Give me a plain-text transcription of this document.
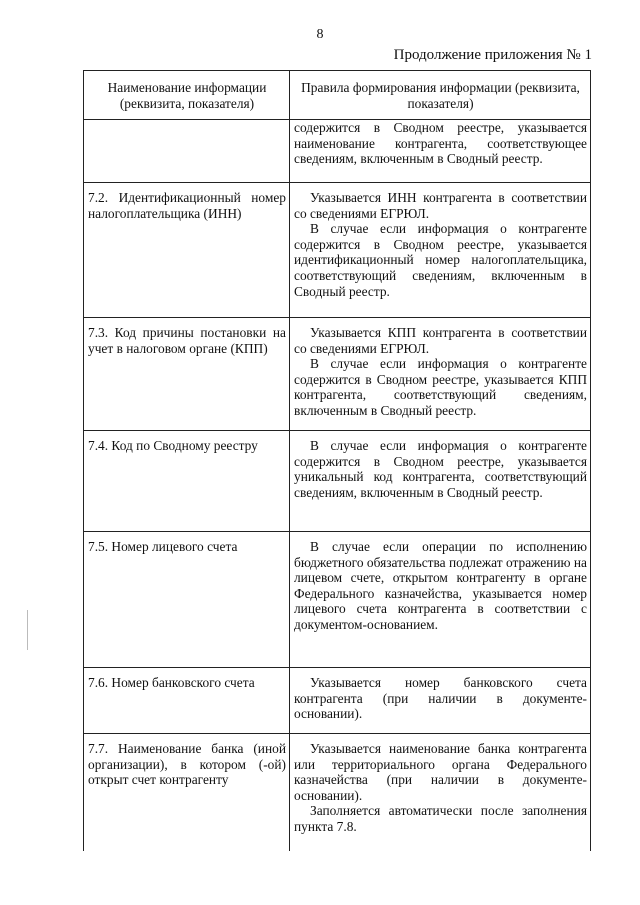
8
Продолжение приложения № 1
Наименование информации (реквизита, показателя)	Правила формирования информации (реквизита, показателя)

	содержится в Сводном реестре, указывается наименование контрагента, соответствующее сведениям, включенным в Сводный реестр.

7.2. Идентификационный номер налогоплательщика (ИНН)	Указывается ИНН контрагента в соответствии со сведениями ЕГРЮЛ.

В случае если информация о контрагенте содержится в Сводном реестре, указывается идентификационный номер налогоплательщика, соответствующий сведениям, включенным в Сводный реестр.

7.3. Код причины постановки на учет в налоговом органе (КПП)	Указывается КПП контрагента в соответствии со сведениями ЕГРЮЛ.

В случае если информация о контрагенте содержится в Сводном реестре, указывается КПП контрагента, соответствующий сведениям, включенным в Сводный реестр.

7.4. Код по Сводному реестру	В случае если информация о контрагенте содержится в Сводном реестре, указывается уникальный код контрагента, соответствующий сведениям, включенным в Сводный реестр.

7.5. Номер лицевого счета	В случае если операции по исполнению бюджетного обязательства подлежат отражению на лицевом счете, открытом контрагенту в органе Федерального казначейства, указывается номер лицевого счета контрагента в соответствии с документом-основанием.

7.6. Номер банковского счета	Указывается номер банковского счета контрагента (при наличии в документе-основании).

7.7. Наименование банка (иной организации), в котором (-ой) открыт счет контрагенту	Указывается наименование банка контрагента или территориального органа Федерального казначейства (при наличии в документе-основании).

Заполняется автоматически после заполнения пункта 7.8.
